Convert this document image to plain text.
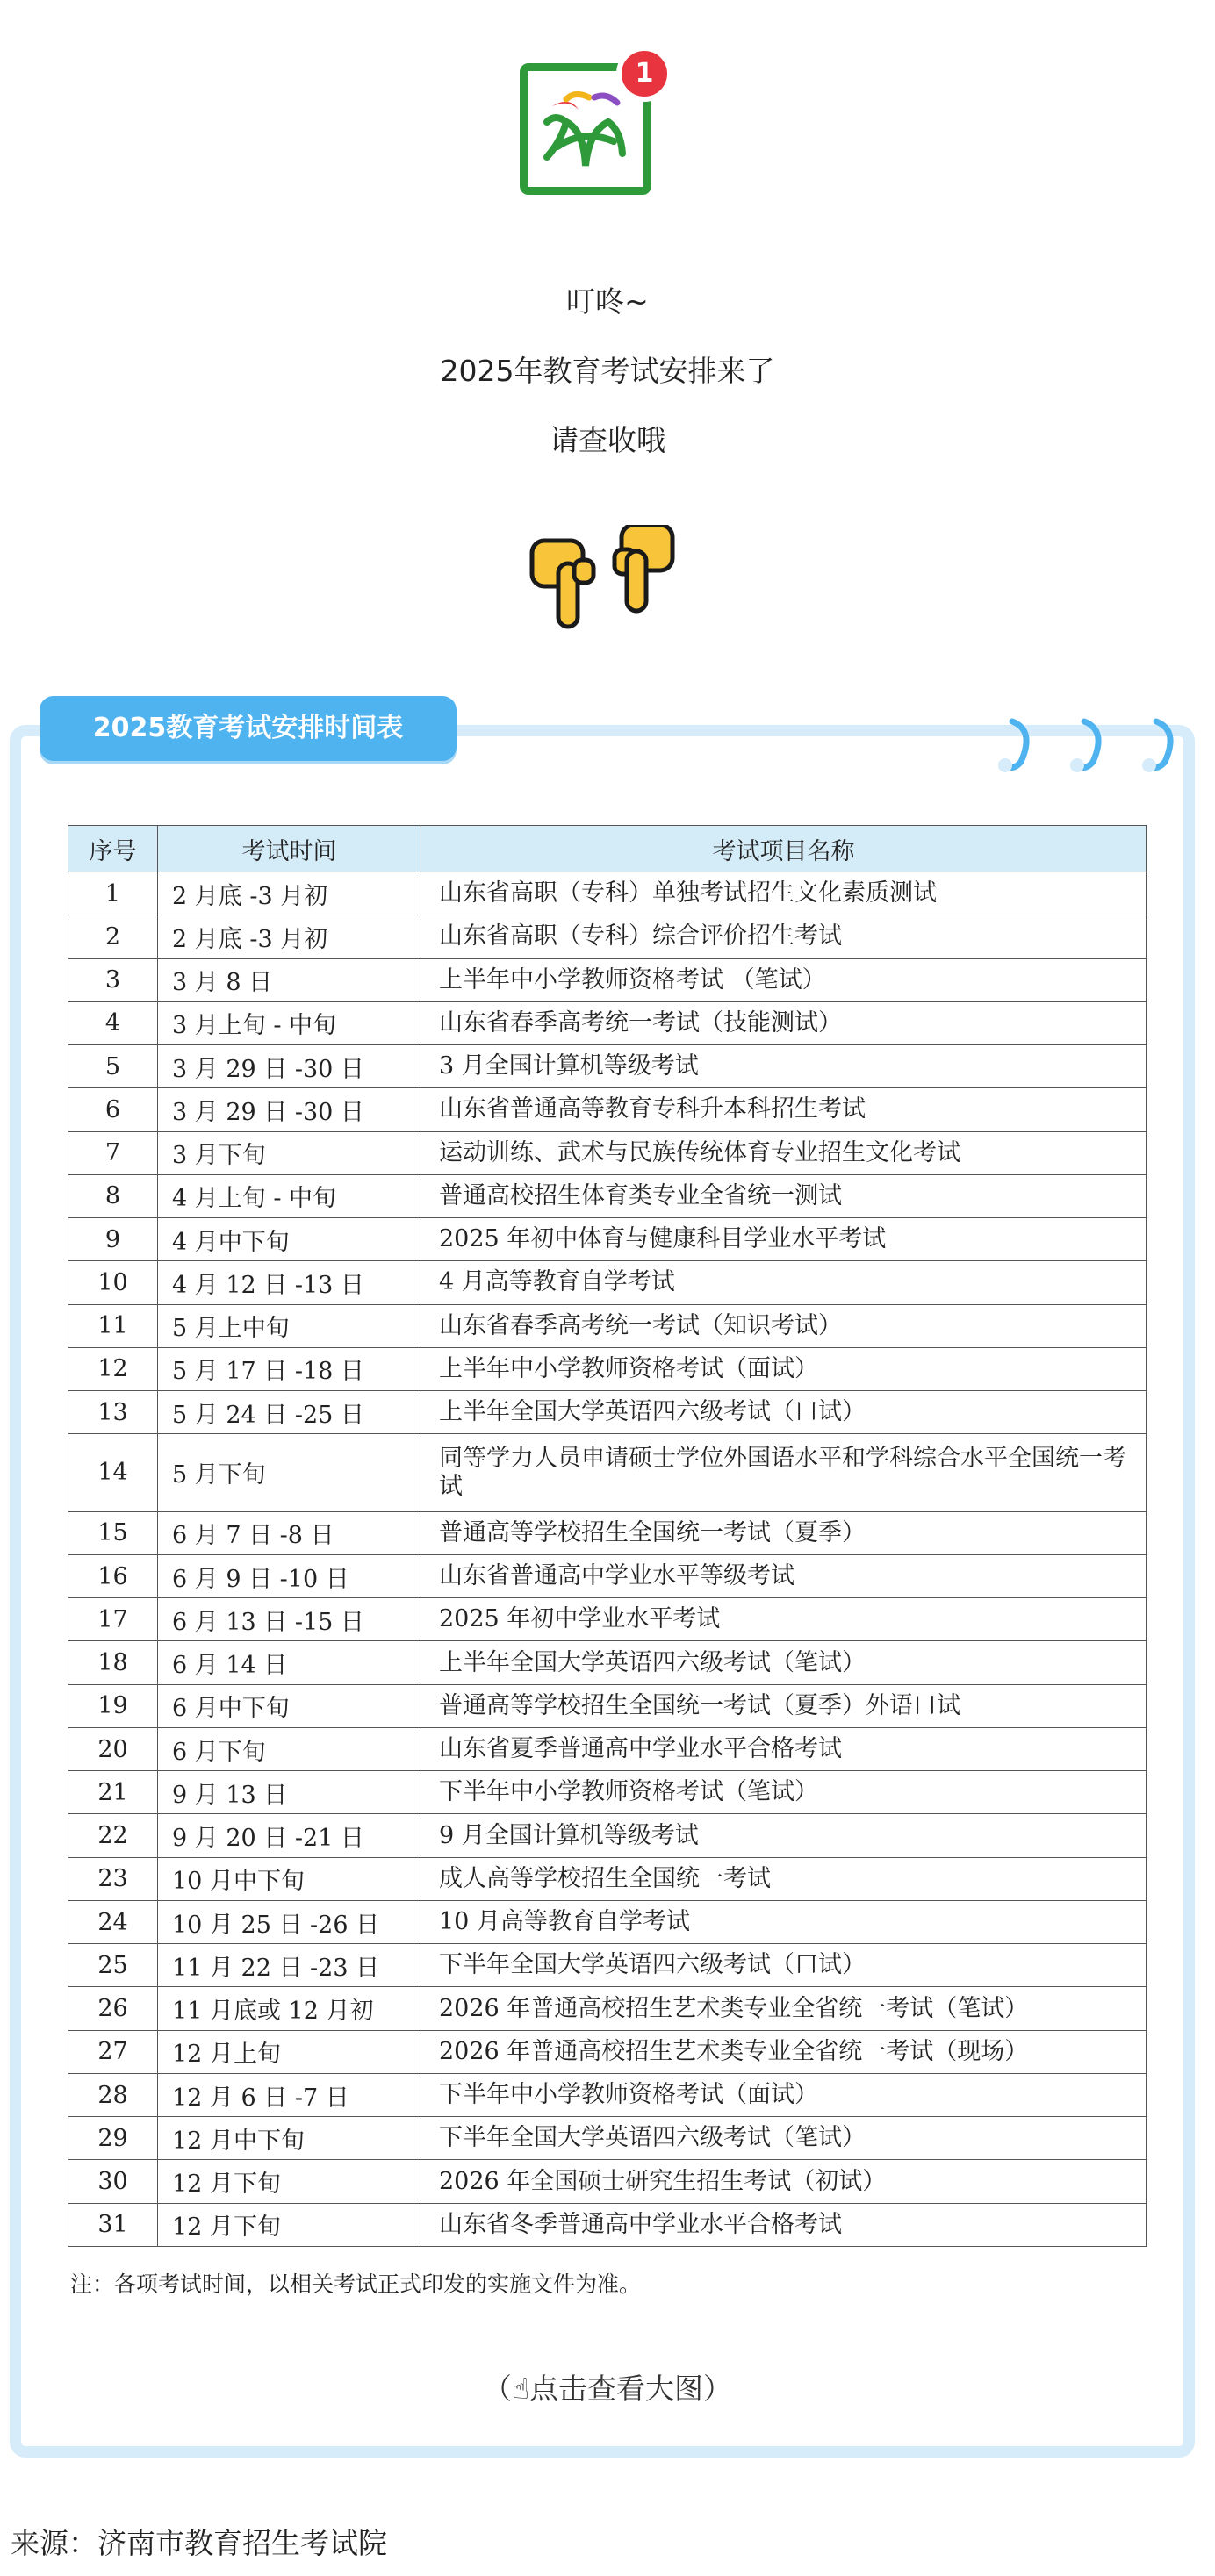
1
叮咚~
2025年教育考试安排来了
请查收哦
2025教育考试安排时间表
序号	考试时间	考试项目名称
1	2 月底 -3 月初	山东省高职（专科）单独考试招生文化素质测试
2	2 月底 -3 月初	山东省高职（专科）综合评价招生考试
3	3 月 8 日	上半年中小学教师资格考试 （笔试）
4	3 月上旬 - 中旬	山东省春季高考统一考试（技能测试）
5	3 月 29 日 -30 日	3 月全国计算机等级考试
6	3 月 29 日 -30 日	山东省普通高等教育专科升本科招生考试
7	3 月下旬	运动训练、武术与民族传统体育专业招生文化考试
8	4 月上旬 - 中旬	普通高校招生体育类专业全省统一测试
9	4 月中下旬	2025 年初中体育与健康科目学业水平考试
10	4 月 12 日 -13 日	4 月高等教育自学考试
11	5 月上中旬	山东省春季高考统一考试（知识考试）
12	5 月 17 日 -18 日	上半年中小学教师资格考试（面试）
13	5 月 24 日 -25 日	上半年全国大学英语四六级考试（口试）
14	5 月下旬	同等学力人员申请硕士学位外国语水平和学科综合水平全国统一考试
15	6 月 7 日 -8 日	普通高等学校招生全国统一考试（夏季）
16	6 月 9 日 -10 日	山东省普通高中学业水平等级考试
17	6 月 13 日 -15 日	2025 年初中学业水平考试
18	6 月 14 日	上半年全国大学英语四六级考试（笔试）
19	6 月中下旬	普通高等学校招生全国统一考试（夏季）外语口试
20	6 月下旬	山东省夏季普通高中学业水平合格考试
21	9 月 13 日	下半年中小学教师资格考试（笔试）
22	9 月 20 日 -21 日	9 月全国计算机等级考试
23	10 月中下旬	成人高等学校招生全国统一考试
24	10 月 25 日 -26 日	10 月高等教育自学考试
25	11 月 22 日 -23 日	下半年全国大学英语四六级考试（口试）
26	11 月底或 12 月初	2026 年普通高校招生艺术类专业全省统一考试（笔试）
27	12 月上旬	2026 年普通高校招生艺术类专业全省统一考试（现场）
28	12 月 6 日 -7 日	下半年中小学教师资格考试（面试）
29	12 月中下旬	下半年全国大学英语四六级考试（笔试）
30	12 月下旬	2026 年全国硕士研究生招生考试（初试）
31	12 月下旬	山东省冬季普通高中学业水平合格考试
注：各项考试时间，以相关考试正式印发的实施文件为准。
（☝点击查看大图）
来源：济南市教育招生考试院
